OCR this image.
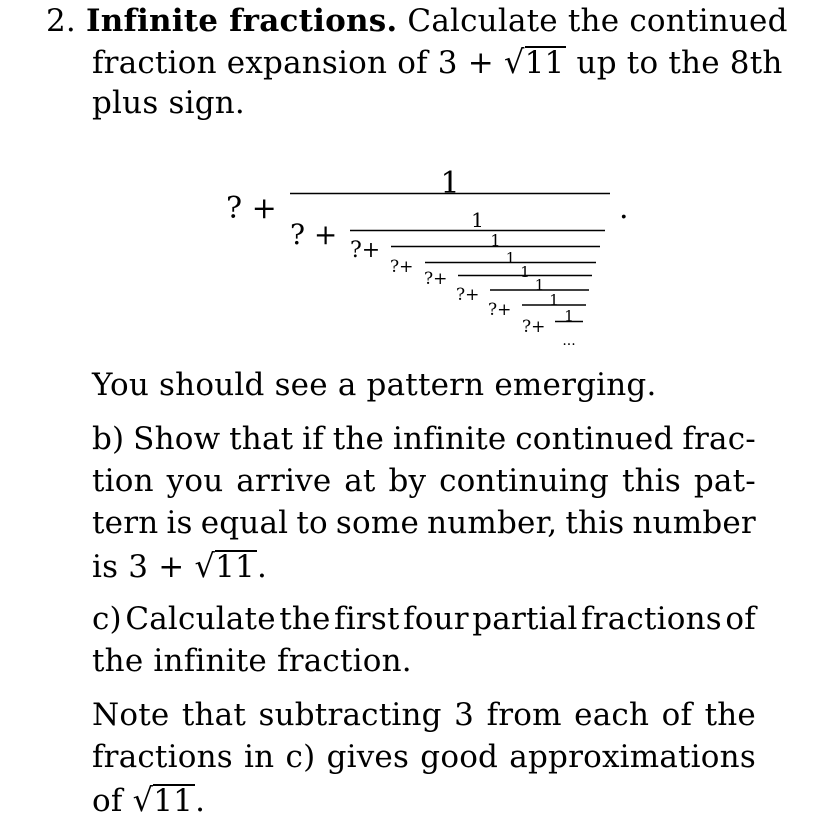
2. Infinite fractions. Calculate the continued
fraction expansion of 3 + √11 up to the 8th
plus sign.
? +
1
? +	1
?+	1
?+	1
?+	1
?+	1
?+	1
?+
1
...
.
You should see a pattern emerging.
b) Show that if the infinite continued frac-
tion you arrive at by continuing this pat-
tern is equal to some number, this number
is 3 + √11.
c) Calculate the first four partial fractions of
the infinite fraction.
Note that subtracting 3 from each of the
fractions in c) gives good approximations
of √11.
